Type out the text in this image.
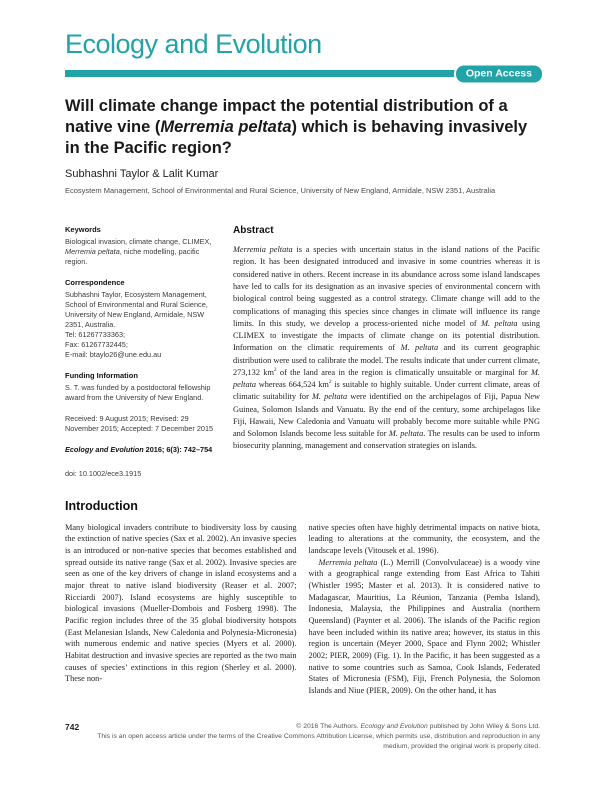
Ecology and Evolution
Open Access
Will climate change impact the potential distribution of a native vine (Merremia peltata) which is behaving invasively in the Pacific region?
Subhashni Taylor & Lalit Kumar
Ecosystem Management, School of Environmental and Rural Science, University of New England, Armidale, NSW 2351, Australia
Keywords
Biological invasion, climate change, CLIMEX, Merremia peltata, niche modelling, pacific region.
Correspondence
Subhashni Taylor, Ecosystem Management, School of Environmental and Rural Science, University of New England, Armidale, NSW 2351, Australia.
Tel: 61267733363;
Fax: 61267732445;
E-mail: btaylo26@une.edu.au
Funding Information
S. T. was funded by a postdoctoral fellowship award from the University of New England.
Received: 9 August 2015; Revised: 29 November 2015; Accepted: 7 December 2015
Ecology and Evolution 2016; 6(3): 742–754
doi: 10.1002/ece3.1915
Abstract
Merremia peltata is a species with uncertain status in the island nations of the Pacific region. It has been designated introduced and invasive in some countries whereas it is considered native in others. Recent increase in its abundance across some island landscapes have led to calls for its designation as an invasive species of environmental concern with biological control being suggested as a control strategy. Climate change will add to the complications of managing this species since changes in climate will influence its range limits. In this study, we develop a process-oriented niche model of M. peltata using CLIMEX to investigate the impacts of climate change on its potential distribution. Information on the climatic requirements of M. peltata and its current geographic distribution were used to calibrate the model. The results indicate that under current climate, 273,132 $km^2$ of the land area in the region is climatically unsuitable or marginal for M. peltata whereas 664,524 $km^2$ is suitable to highly suitable. Under current climate, areas of climatic suitability for M. peltata were identified on the archipelagos of Fiji, Papua New Guinea, Solomon Islands and Vanuatu. By the end of the century, some archipelagos like Fiji, Hawaii, New Caledonia and Vanuatu will probably become more suitable while PNG and Solomon Islands become less suitable for M. peltata. The results can be used to inform biosecurity planning, management and conservation strategies on islands.
Introduction

Many biological invaders contribute to biodiversity loss by causing the extinction of native species (Sax et al. 2002). An invasive species is an introduced or non-native species that becomes established and spread outside its native range (Sax et al. 2002). Invasive species are seen as one of the key drivers of change in island ecosystems and a major threat to native island biodiversity (Reaser et al. 2007; Ricciardi 2007). Island ecosystems are highly susceptible to biological invasions (Mueller-Dombois and Fosberg 1998). The Pacific region includes three of the 35 global biodiversity hotspots (East Melanesian Islands, New Caledonia and Polynesia-Micronesia) with numerous endemic and native species (Myers et al. 2000). Habitat destruction and invasive species are reported as the two main causes of species’ extinctions in this region (Sherley et al. 2000). These non-

native species often have highly detrimental impacts on native biota, leading to alterations at the community, the ecosystem, and the landscape levels (Vitousek et al. 1996).

Merremia peltata (L.) Merrill (Convolvulaceae) is a woody vine with a geographical range extending from East Africa to Tahiti (Whistler 1995; Master et al. 2013). It is considered native to Madagascar, Mauritius, La Réunion, Tanzania (Pemba Island), Indonesia, Malaysia, the Philippines and Australia (northern Queensland) (Paynter et al. 2006). The islands of the Pacific region have been included within its native area; however, its status in this region is uncertain (Meyer 2000, Space and Flynn 2002; Whistler 2002; PIER, 2009) (Fig. 1). In the Pacific, it has been suggested as a native to some countries such as Samoa, Cook Islands, Federated States of Micronesia (FSM), Fiji, French Polynesia, the Solomon Islands and Niue (PIER, 2009). On the other hand, it has

742	© 2016 The Authors. Ecology and Evolution published by John Wiley & Sons Ltd.
This is an open access article under the terms of the Creative Commons Attribution License, which permits use, distribution and reproduction in any medium, provided the original work is properly cited.
